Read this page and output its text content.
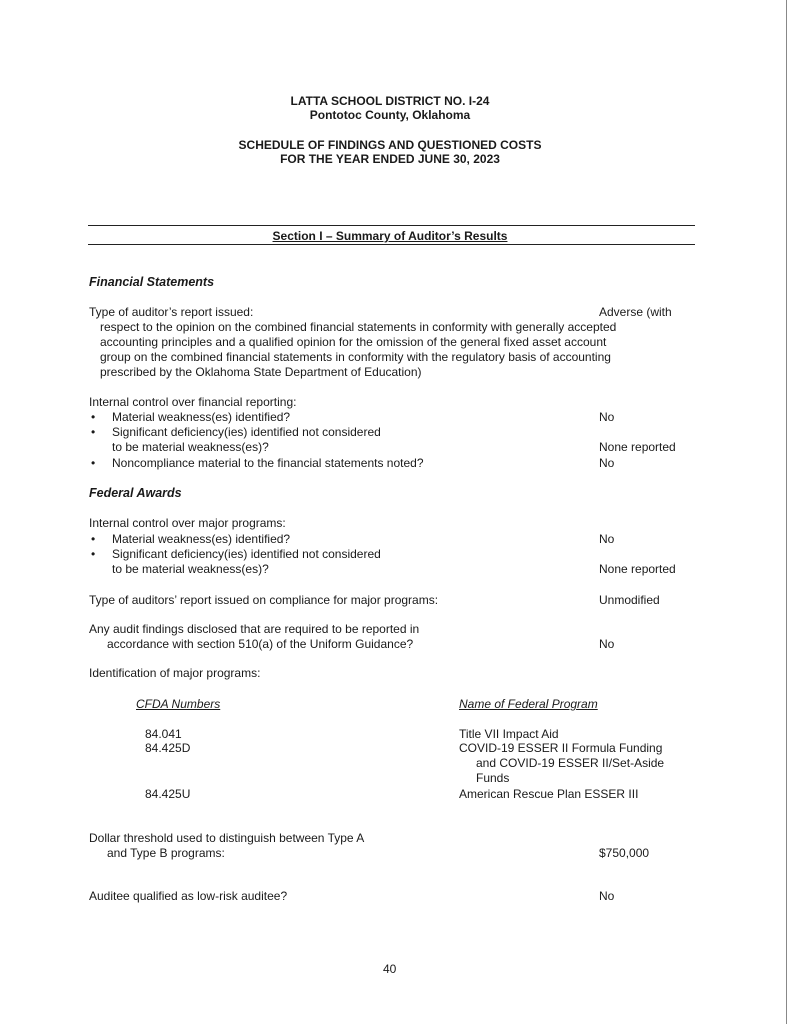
LATTA SCHOOL DISTRICT NO. I-24
Pontotoc County, Oklahoma
SCHEDULE OF FINDINGS AND QUESTIONED COSTS
FOR THE YEAR ENDED JUNE 30, 2023
Section I – Summary of Auditor’s Results
Financial Statements
Type of auditor’s report issued:	Adverse (with
respect to the opinion on the combined financial statements in conformity with generally accepted
accounting principles and a qualified opinion for the omission of the general fixed asset account
group on the combined financial statements in conformity with the regulatory basis of accounting
prescribed by the Oklahoma State Department of Education)
Internal control over financial reporting:
• Material weakness(es) identified?	No
• Significant deficiency(ies) identified not considered
to be material weakness(es)?	None reported
• Noncompliance material to the financial statements noted?	No
Federal Awards
Internal control over major programs:
• Material weakness(es) identified?	No
• Significant deficiency(ies) identified not considered
to be material weakness(es)?	None reported
Type of auditors’ report issued on compliance for major programs:	Unmodified
Any audit findings disclosed that are required to be reported in
accordance with section 510(a) of the Uniform Guidance?	No
Identification of major programs:
CFDA Numbers	Name of Federal Program
84.041	Title VII Impact Aid
84.425D	COVID-19 ESSER II Formula Funding
and COVID-19 ESSER II/Set-Aside
Funds
84.425U	American Rescue Plan ESSER III
Dollar threshold used to distinguish between Type A
and Type B programs:	$750,000
Auditee qualified as low-risk auditee?	No
40
